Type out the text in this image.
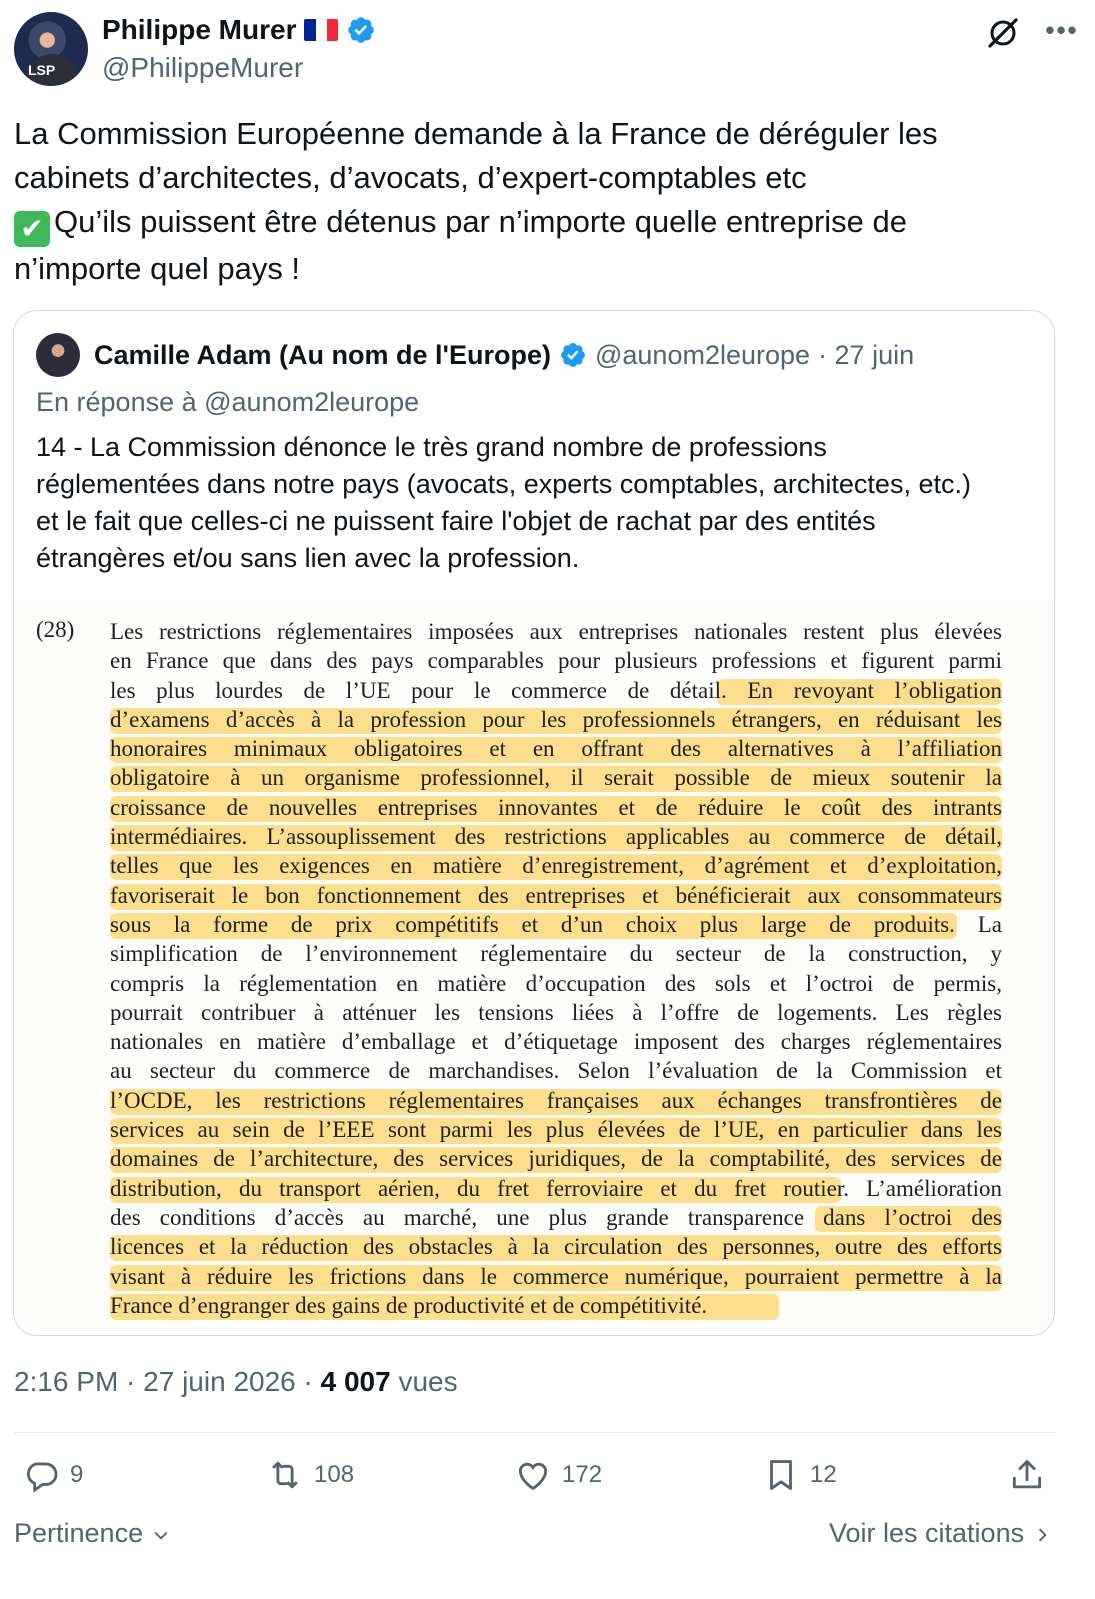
LSP
Philippe Murer
@PhilippeMurer
•••

La Commission Européenne demande à la France de déréguler les

cabinets d’architectes, d’avocats, d’expert-comptables etc

✔ Qu’ils puissent être détenus par n’importe quelle entreprise de

n’importe quel pays !

Camille Adam (Au nom de l'Europe) @aunom2leurope · 27 juin
En réponse à @aunom2leurope

14 - La Commission dénonce le très grand nombre de professions

réglementées dans notre pays (avocats, experts comptables, architectes, etc.)

et le fait que celles-ci ne puissent faire l'objet de rachat par des entités

étrangères et/ou sans lien avec la profession.

(28) Les restrictions réglementaires imposées aux entreprises nationales restent plus élevées
en France que dans des pays comparables pour plusieurs professions et figurent parmi
les plus lourdes de l’UE pour le commerce de détail. En revoyant l’obligation
d’examens d’accès à la profession pour les professionnels étrangers, en réduisant les
honoraires minimaux obligatoires et en offrant des alternatives à l’affiliation
obligatoire à un organisme professionnel, il serait possible de mieux soutenir la
croissance de nouvelles entreprises innovantes et de réduire le coût des intrants
intermédiaires. L’assouplissement des restrictions applicables au commerce de détail,
telles que les exigences en matière d’enregistrement, d’agrément et d’exploitation,
favoriserait le bon fonctionnement des entreprises et bénéficierait aux consommateurs
sous la forme de prix compétitifs et d’un choix plus large de produits. La
simplification de l’environnement réglementaire du secteur de la construction, y
compris la réglementation en matière d’occupation des sols et l’octroi de permis,
pourrait contribuer à atténuer les tensions liées à l’offre de logements. Les règles
nationales en matière d’emballage et d’étiquetage imposent des charges réglementaires
au secteur du commerce de marchandises. Selon l’évaluation de la Commission et
l’OCDE, les restrictions réglementaires françaises aux échanges transfrontières de
services au sein de l’EEE sont parmi les plus élevées de l’UE, en particulier dans les
domaines de l’architecture, des services juridiques, de la comptabilité, des services de
distribution, du transport aérien, du fret ferroviaire et du fret routier. L’amélioration
des conditions d’accès au marché, une plus grande transparence dans l’octroi des
licences et la réduction des obstacles à la circulation des personnes, outre des efforts
visant à réduire les frictions dans le commerce numérique, pourraient permettre à la
France d’engranger des gains de productivité et de compétitivité.
2:16 PM · 27 juin 2026 · 4 007 vues
9	108	172	12
Pertinence	Voir les citations
